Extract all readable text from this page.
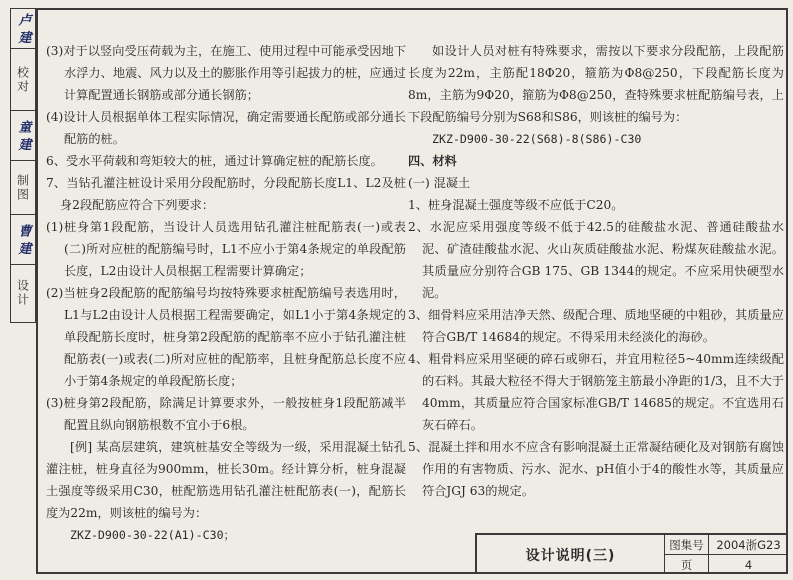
卢 建
校对
童 建
制图
曹 建
设计

(3)对于以竖向受压荷载为主，在施工、使用过程中可能承受因地下水浮力、地震、风力以及土的膨胀作用等引起拔力的桩，应通过计算配置通长钢筋或部分通长钢筋；

(4)设计人员根据单体工程实际情况，确定需要通长配筋或部分通长配筋的桩。

6、受水平荷载和弯矩较大的桩，通过计算确定桩的配筋长度。

7、当钻孔灌注桩设计采用分段配筋时，分段配筋长度L1、L2及桩身2段配筋应符合下列要求：

(1)桩身第1段配筋，当设计人员选用钻孔灌注桩配筋表(一)或表(二)所对应桩的配筋编号时，L1不应小于第4条规定的单段配筋长度，L2由设计人员根据工程需要计算确定；

(2)当桩身2段配筋的配筋编号均按特殊要求桩配筋编号表选用时，L1与L2由设计人员根据工程需要确定，如L1小于第4条规定的单段配筋长度时，桩身第2段配筋的配筋率不应小于钻孔灌注桩配筋表(一)或表(二)所对应桩的配筋率，且桩身配筋总长度不应小于第4条规定的单段配筋长度；

(3)桩身第2段配筋，除满足计算要求外，一般按桩身1段配筋减半配置且纵向钢筋根数不宜小于6根。

[例] 某高层建筑，建筑桩基安全等级为一级，采用混凝土钻孔灌注桩，桩身直径为900mm，桩长30m。经计算分析，桩身混凝土强度等级采用C30，桩配筋选用钻孔灌注桩配筋表(一)，配筋长度为22m，则该桩的编号为：

ZKZ-D900-30-22(A1)-C30；

如设计人员对桩有特殊要求，需按以下要求分段配筋，上段配筋长度为22m，主筋配18Φ20，箍筋为Φ8@250，下段配筋长度为8m，主筋为9Φ20，箍筋为Φ8@250，查特殊要求桩配筋编号表，上下段配筋编号分别为S68和S86，则该桩的编号为：

ZKZ-D900-30-22(S68)-8(S86)-C30

四、材料

(一) 混凝土

1、桩身混凝土强度等级不应低于C20。

2、水泥应采用强度等级不低于42.5的硅酸盐水泥、普通硅酸盐水泥、矿渣硅酸盐水泥、火山灰质硅酸盐水泥、粉煤灰硅酸盐水泥。其质量应分别符合GB 175、GB 1344的规定。不应采用快硬型水泥。

3、细骨料应采用洁净天然、级配合理、质地坚硬的中粗砂，其质量应符合GB/T 14684的规定。不得采用未经淡化的海砂。

4、粗骨料应采用坚硬的碎石或卵石，并宜用粒径5~40mm连续级配的石料。其最大粒径不得大于钢筋笼主筋最小净距的1/3，且不大于40mm，其质量应符合国家标准GB/T 14685的规定。不宜选用石灰石碎石。

5、混凝土拌和用水不应含有影响混凝土正常凝结硬化及对钢筋有腐蚀作用的有害物质、污水、泥水、pH值小于4的酸性水等，其质量应符合JGJ 63的规定。

设计说明(三)
图集号	2004浙G23
页	4
